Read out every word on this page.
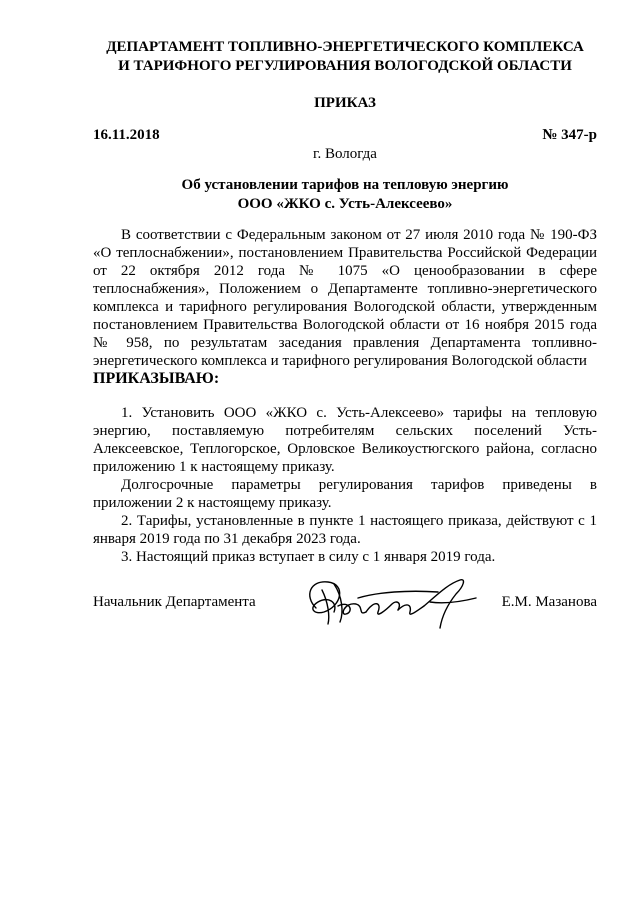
ДЕПАРТАМЕНТ ТОПЛИВНО-ЭНЕРГЕТИЧЕСКОГО КОМПЛЕКСА
И ТАРИФНОГО РЕГУЛИРОВАНИЯ ВОЛОГОДСКОЙ ОБЛАСТИ
ПРИКАЗ
16.11.2018	№ 347-р
г. Вологда
Об установлении тарифов на тепловую энергию
ООО «ЖКО с. Усть-Алексеево»

В соответствии с Федеральным законом от 27 июля 2010 года № 190-ФЗ «О теплоснабжении», постановлением Правительства Российской Федерации от 22 октября 2012 года № 1075 «О ценообразовании в сфере теплоснабжения», Положением о Департаменте топливно-энергетического комплекса и тарифного регулирования Вологодской области, утвержденным постановлением Правительства Вологодской области от 16 ноября 2015 года № 958, по результатам заседания правления Департамента топливно-энергетического комплекса и тарифного регулирования Вологодской области

ПРИКАЗЫВАЮ:

1. Установить ООО «ЖКО с. Усть-Алексеево» тарифы на тепловую энергию, поставляемую потребителям сельских поселений Усть-Алексеевское, Теплогорское, Орловское Великоустюгского района, согласно приложению 1 к настоящему приказу.

Долгосрочные параметры регулирования тарифов приведены в приложении 2 к настоящему приказу.

2. Тарифы, установленные в пункте 1 настоящего приказа, действуют с 1 января 2019 года по 31 декабря 2023 года.

3. Настоящий приказ вступает в силу с 1 января 2019 года.

Начальник Департамента	Е.М. Мазанова
